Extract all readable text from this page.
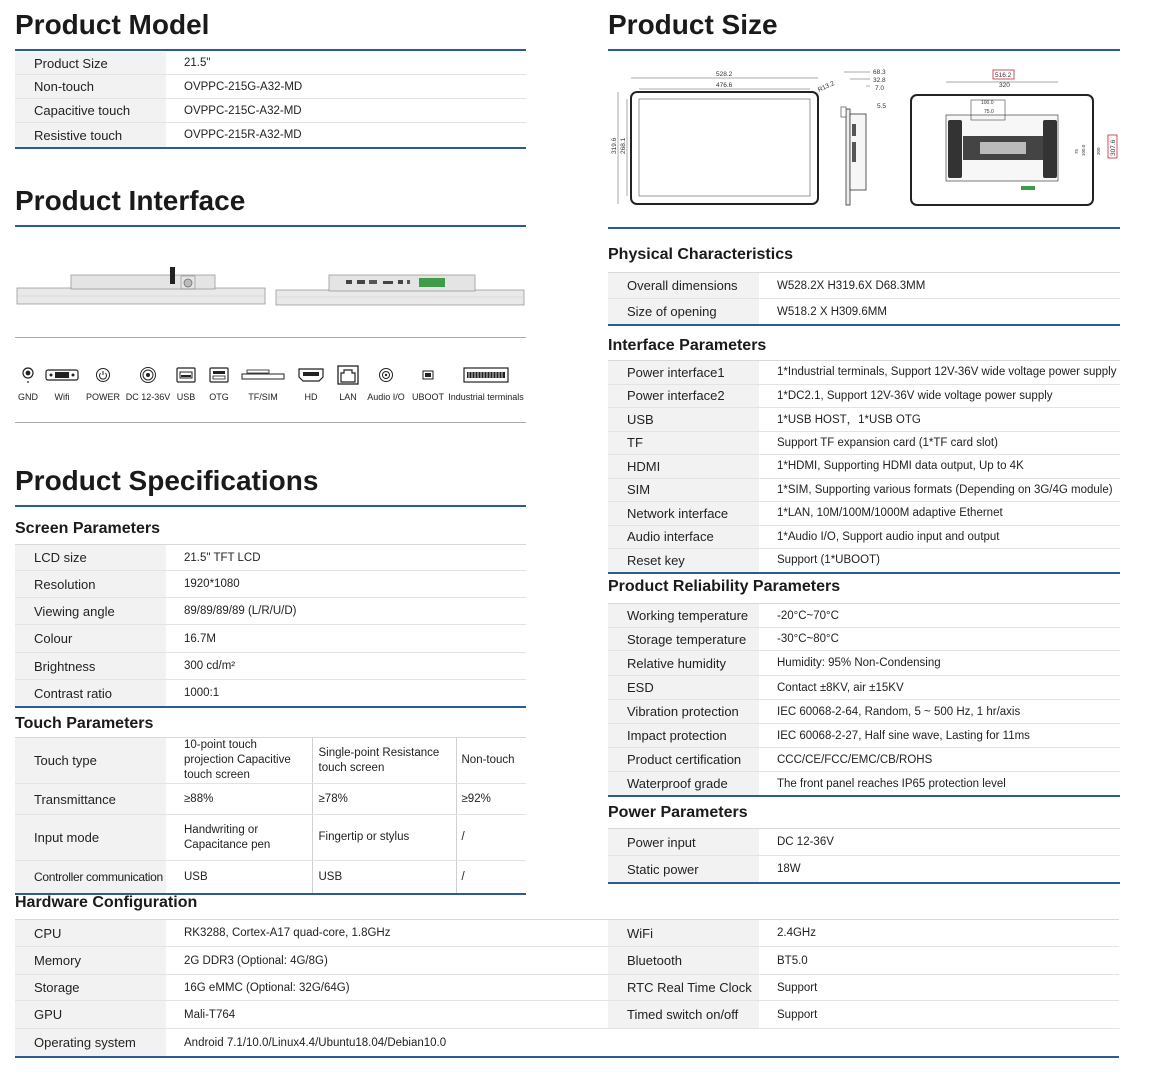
Product Model
Product Size	21.5"
Non-touch	OVPPC-215G-A32-MD
Capacitive touch	OVPPC-215C-A32-MD
Resistive touch	OVPPC-215R-A32-MD
Product Interface
GND Wifi POWER DC 12-36V USB OTG TF/SIM	HD LAN Audio I/O UBOOT Industrial terminals
Product Specifications
Screen Parameters
LCD size	21.5" TFT LCD
Resolution	1920*1080
Viewing angle	89/89/89/89 (L/R/U/D)
Colour	16.7M
Brightness	300 cd/m²
Contrast ratio	1000:1
Touch Parameters
Touch type	10-point touch projection Capacitive touch screen	Single-point Resistance touch screen	Non-touch
Transmittance	≥88%	≥78%	≥92%
Input mode	Handwriting or Capacitance pen	Fingertip or stylus	/
Controller communication	USB	USB	/
Hardware Configuration
CPU	RK3288, Cortex-A17 quad-core, 1.8GHz	WiFi	2.4GHz
Memory	2G DDR3 (Optional: 4G/8G)	Bluetooth	BT5.0
Storage	16G eMMC (Optional: 32G/64G)	RTC Real Time Clock	Support
GPU	Mali-T764	Timed switch on/off	Support
Operating system	Android 7.1/10.0/Linux4.4/Ubuntu18.04/Debian10.0		
Product Size
528.2
476.6	R13.2
319.6 268.1
68.3
32.8
7.0
5.5
516.2
320
100.0
75.0
307.6
75 100.0 300
Physical Characteristics
Overall dimensions	W528.2X H319.6X D68.3MM
Size of opening	W518.2 X H309.6MM
Interface Parameters
Power interface1	1*Industrial terminals, Support 12V-36V wide voltage power supply
Power interface2	1*DC2.1, Support 12V-36V wide voltage power supply
USB	1*USB HOST，1*USB OTG
TF	Support TF expansion card (1*TF card slot)
HDMI	1*HDMI, Supporting HDMI data output, Up to 4K
SIM	1*SIM, Supporting various formats (Depending on 3G/4G module)
Network interface	1*LAN, 10M/100M/1000M adaptive Ethernet
Audio interface	1*Audio I/O, Support audio input and output
Reset key	Support (1*UBOOT)
Product Reliability Parameters
Working temperature	-20°C~70°C
Storage temperature	-30°C~80°C
Relative humidity	Humidity: 95% Non-Condensing
ESD	Contact ±8KV, air ±15KV
Vibration protection	IEC 60068-2-64, Random, 5 ~ 500 Hz, 1 hr/axis
Impact protection	IEC 60068-2-27, Half sine wave, Lasting for 11ms
Product certification	CCC/CE/FCC/EMC/CB/ROHS
Waterproof grade	The front panel reaches IP65 protection level
Power Parameters
Power input	DC 12-36V
Static power	18W
